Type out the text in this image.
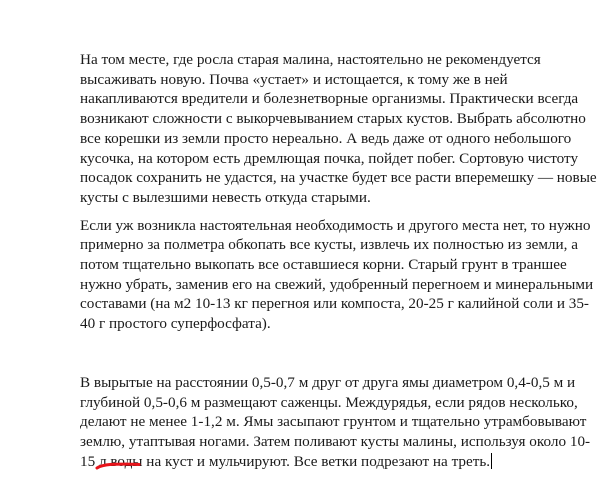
На том месте, где росла старая малина, настоятельно не рекомендуется высаживать новую. Почва «устает» и истощается, к тому же в ней накапливаются вредители и болезнетворные организмы. Практически всегда возникают сложности с выкорчевыванием старых кустов. Выбрать абсолютно все корешки из земли просто нереально. А ведь даже от одного небольшого кусочка, на котором есть дремлющая почка, пойдет побег. Сортовую чистоту посадок сохранить не удастся, на участке будет все расти вперемешку — новые кусты с вылезшими невесть откуда старыми.

Если уж возникла настоятельная необходимость и другого места нет, то нужно примерно за полметра обкопать все кусты, извлечь их полностью из земли, а потом тщательно выкопать все оставшиеся корни. Старый грунт в траншее нужно убрать, заменив его на свежий, удобренный перегноем и минеральными составами (на м2 10-13 кг перегноя или компоста, 20-25 г калийной соли и 35-40 г простого суперфосфата).

В вырытые на расстоянии 0,5-0,7 м друг от друга ямы диаметром 0,4-0,5 м и глубиной 0,5-0,6 м размещают саженцы. Междурядья, если рядов несколько, делают не менее 1-1,2 м. Ямы засыпают грунтом и тщательно утрамбовывают землю, утаптывая ногами. Затем поливают кусты малины, используя около 10-15 л воды на куст и мульчируют. Все ветки подрезают на треть.
